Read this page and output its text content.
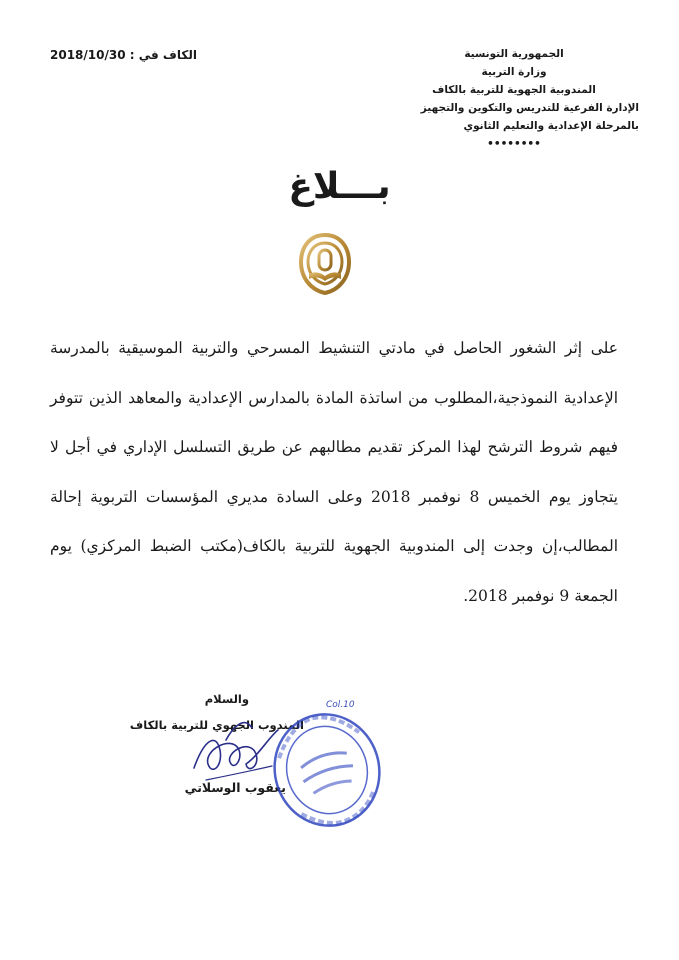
الجمهورية التونسية
وزارة التربية
المندوبية الجهوية للتربية بالكاف
الإدارة الفرعية للتدريس والتكوين والتجهيز
بالمرحلة الإعدادية والتعليم الثانوي
••••••••
الكاف في : 2018/10/30
بـــلاغ
على إثر الشغور الحاصل في مادتي التنشيط المسرحي والتربية الموسيقية بالمدرسة الإعدادية النموذجية،المطلوب من اساتذة المادة بالمدارس الإعدادية والمعاهد الذين تتوفر فيهم شروط الترشح لهذا المركز تقديم مطالبهم عن طريق التسلسل الإداري في أجل لا يتجاوز يوم الخميس 8 نوفمبر 2018 وعلى السادة مديري المؤسسات التربوية إحالة المطالب،إن وجدت إلى المندوبية الجهوية للتربية بالكاف(مكتب الضبط المركزي) يوم الجمعة 9 نوفمبر 2018.
والسلام
المندوب الجهوي للتربية بالكاف
يعقوب الوسلاتي
Col.10
